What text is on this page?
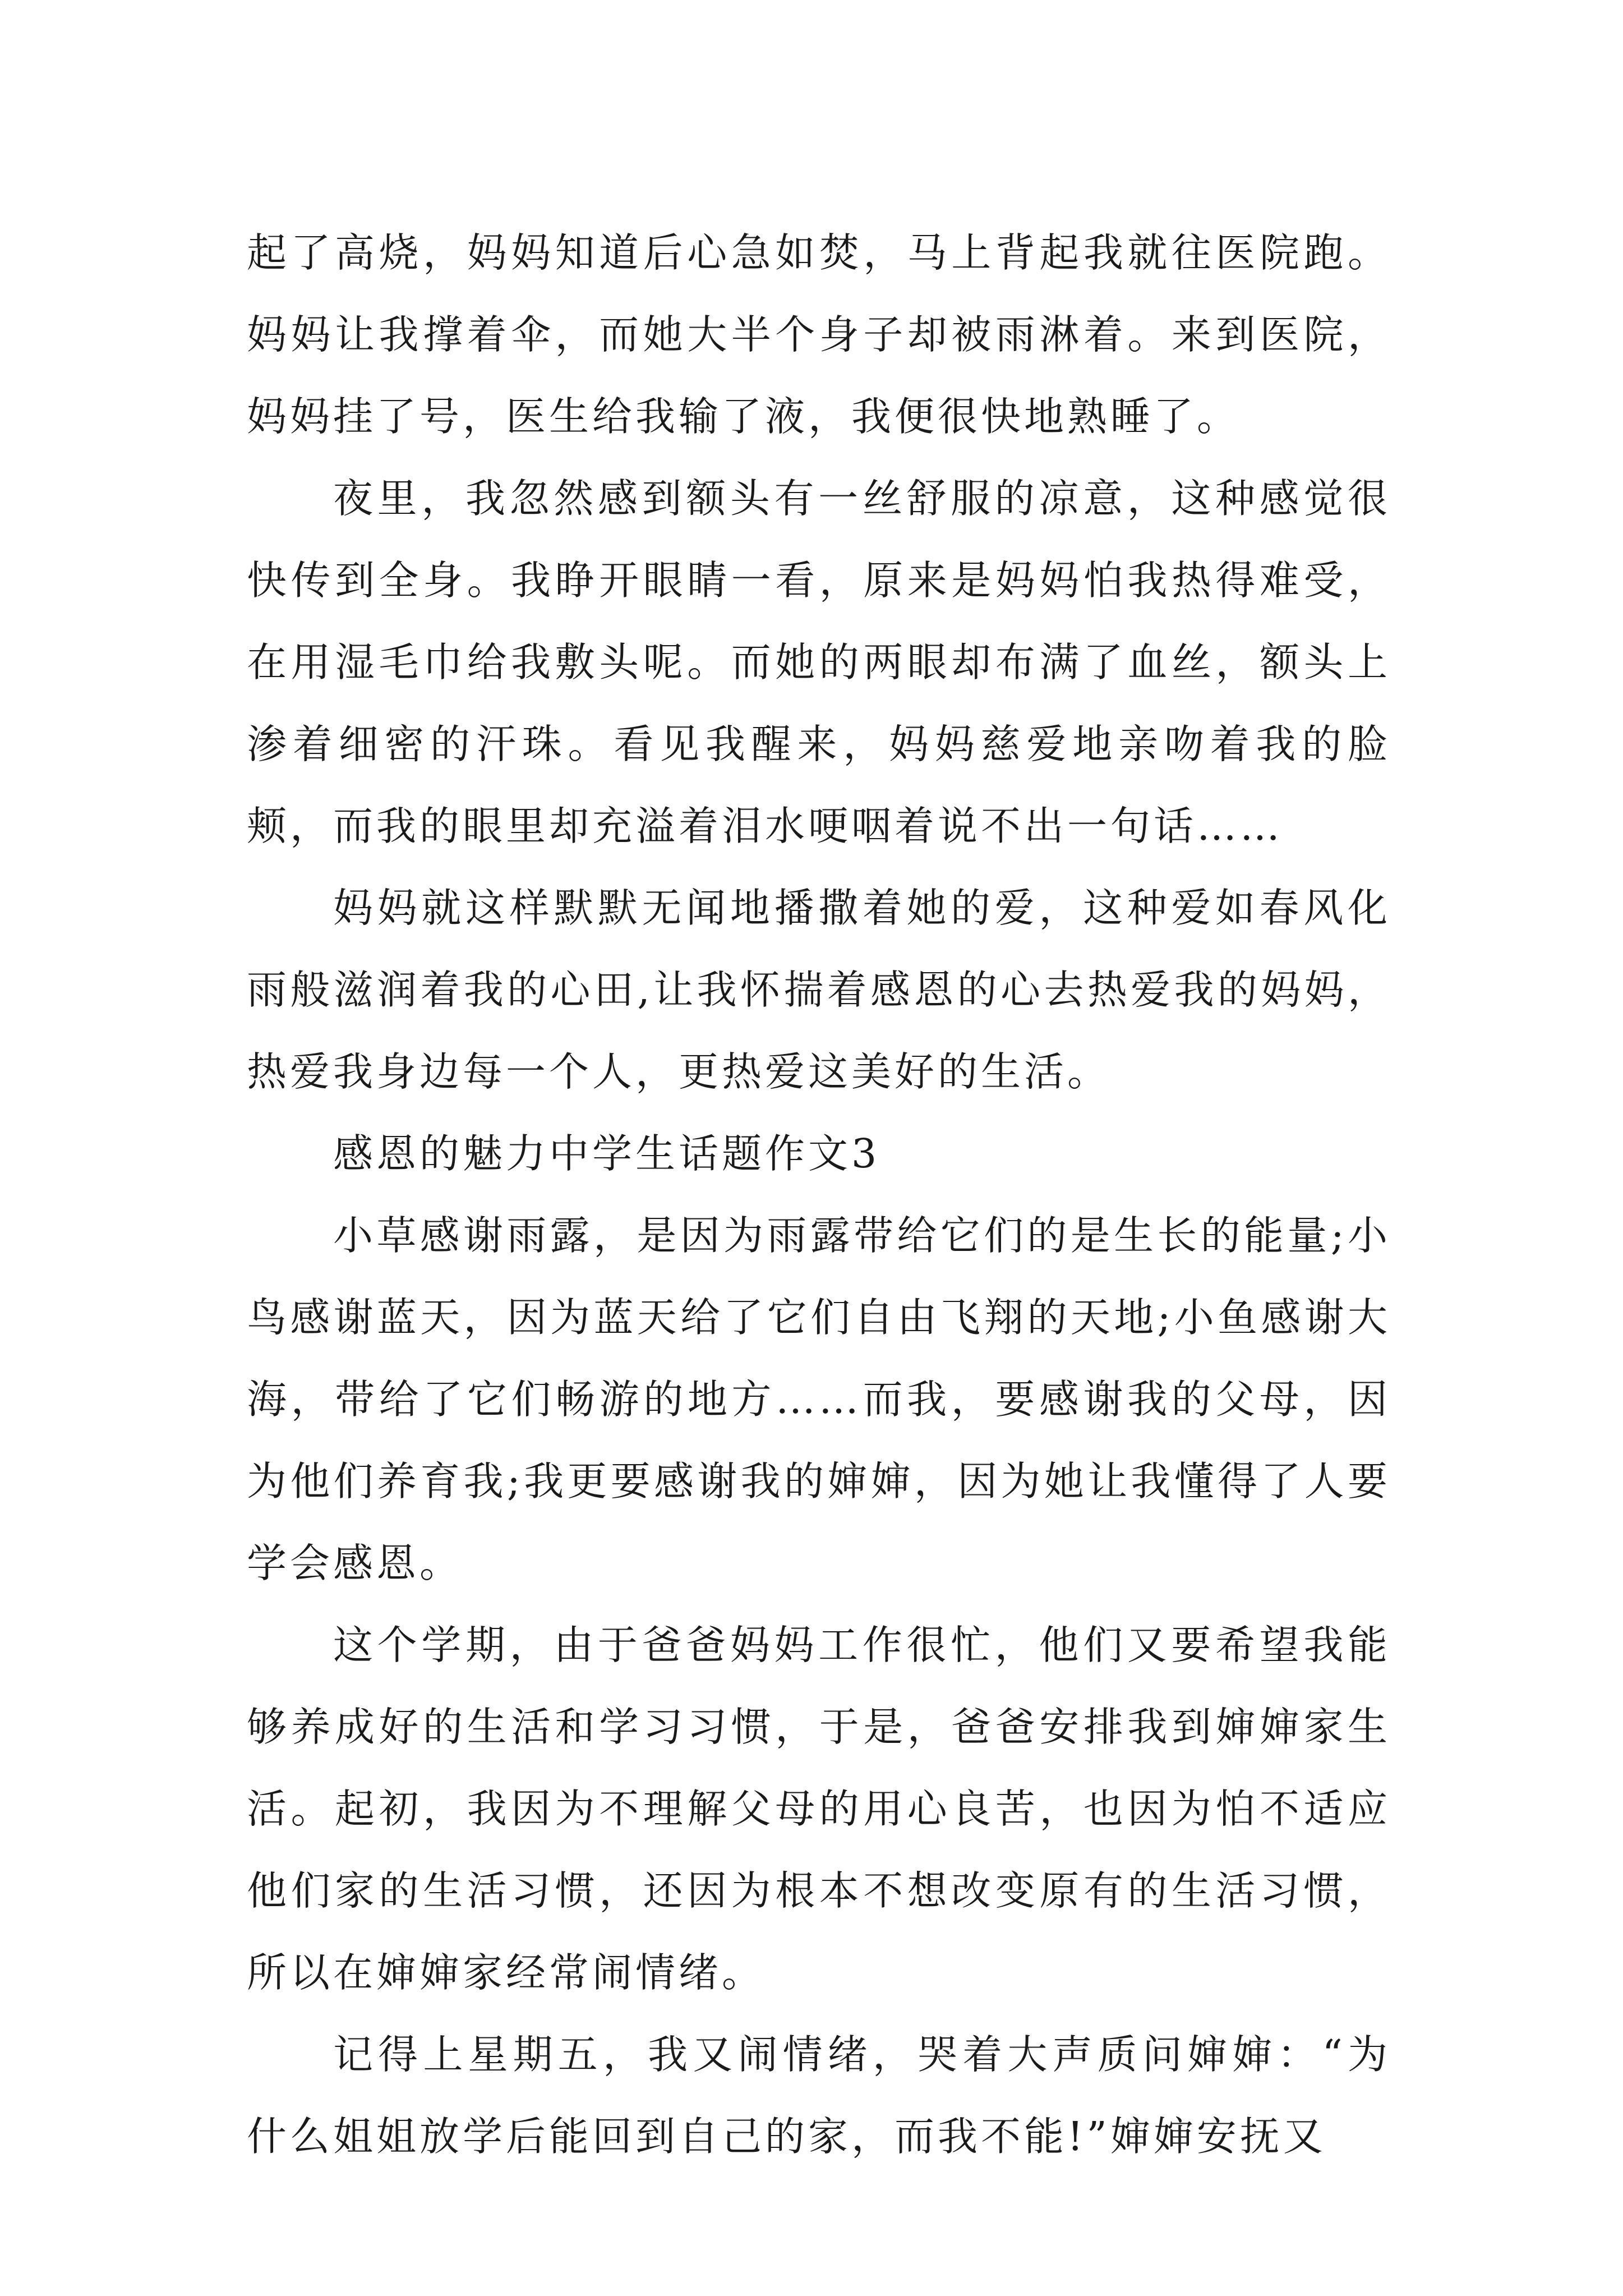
起了高烧，妈妈知道后心急如焚，马上背起我就往医院跑。妈妈让我撑着伞，而她大半个身子却被雨淋着。来到医院，妈妈挂了号，医生给我输了液，我便很快地熟睡了。

夜里，我忽然感到额头有一丝舒服的凉意，这种感觉很快传到全身。我睁开眼睛一看，原来是妈妈怕我热得难受，在用湿毛巾给我敷头呢。而她的两眼却布满了血丝，额头上渗着细密的汗珠。看见我醒来，妈妈慈爱地亲吻着我的脸颊，而我的眼里却充溢着泪水哽咽着说不出一句话……

妈妈就这样默默无闻地播撒着她的爱，这种爱如春风化雨般滋润着我的心田,让我怀揣着感恩的心去热爱我的妈妈，热爱我身边每一个人，更热爱这美好的生活。

感恩的魅力中学生话题作文3

小草感谢雨露，是因为雨露带给它们的是生长的能量;小鸟感谢蓝天，因为蓝天给了它们自由飞翔的天地;小鱼感谢大海，带给了它们畅游的地方……而我，要感谢我的父母，因为他们养育我;我更要感谢我的婶婶，因为她让我懂得了人要学会感恩。

这个学期，由于爸爸妈妈工作很忙，他们又要希望我能够养成好的生活和学习习惯，于是，爸爸安排我到婶婶家生活。起初，我因为不理解父母的用心良苦，也因为怕不适应他们家的生活习惯，还因为根本不想改变原有的生活习惯，所以在婶婶家经常闹情绪。

记得上星期五，我又闹情绪，哭着大声质问婶婶：“为什么姐姐放学后能回到自己的家，而我不能!”婶婶安抚又
